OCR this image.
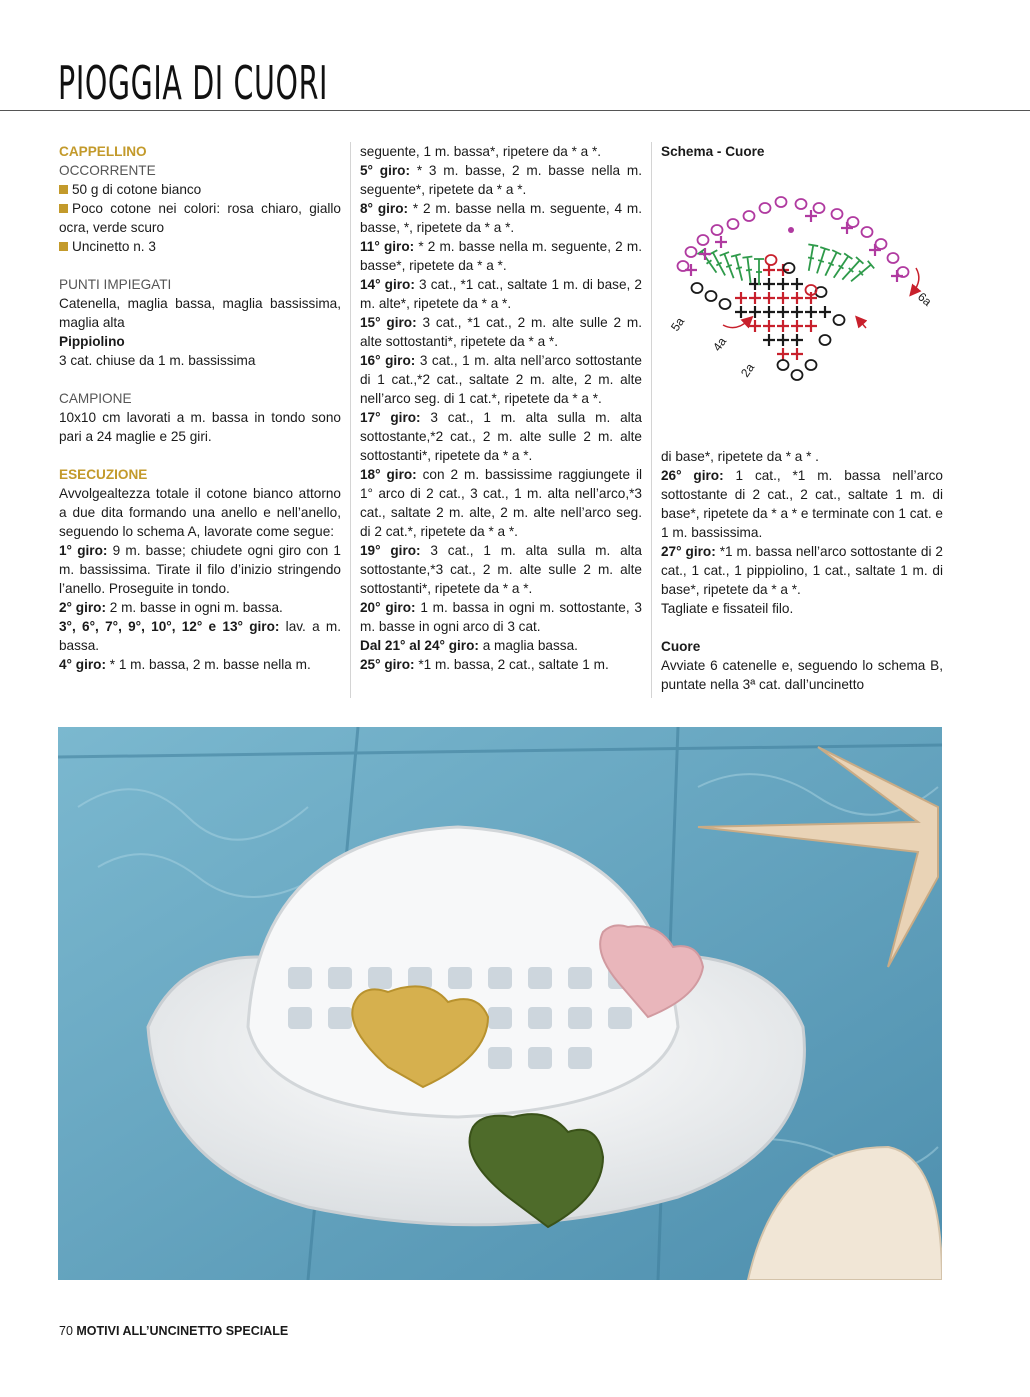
PIOGGIA DI CUORI

CAPPELLINO

OCCORRENTE

50 g di cotone bianco

Poco cotone nei colori: rosa chiaro, giallo ocra, verde scuro

Uncinetto n. 3

PUNTI IMPIEGATI

Catenella, maglia bassa, maglia bassissima, maglia alta

Pippiolino

3 cat. chiuse da 1 m. bassissima

CAMPIONE

10x10 cm lavorati a m. bassa in tondo sono pari a 24 maglie e 25 giri.

ESECUZIONE

Avvolgealtezza totale il cotone bianco attorno a due dita formando una anello e nell’anello, seguendo lo schema A, lavorate come segue:

1° giro: 9 m. basse; chiudete ogni giro con 1 m. bassissima. Tirate il filo d’inizio stringendo l’anello. Proseguite in tondo.

2° giro: 2 m. basse in ogni m. bassa.

3°, 6°, 7°, 9°, 10°, 12° e 13° giro: lav. a m. bassa.

4° giro: * 1 m. bassa, 2 m. basse nella m.

seguente, 1 m. bassa*, ripetere da * a *.

5° giro: * 3 m. basse, 2 m. basse nella m. seguente*, ripetete da * a *.

8° giro: * 2 m. basse nella m. seguente, 4 m. basse, *, ripetete da * a *.

11° giro: * 2 m. basse nella m. seguente, 2 m. basse*, ripetete da * a *.

14° giro: 3 cat., *1 cat., saltate 1 m. di base, 2 m. alte*, ripetete da * a *.

15° giro: 3 cat., *1 cat., 2 m. alte sulle 2 m. alte sottostanti*, ripetete da * a *.

16° giro: 3 cat., 1 m. alta nell’arco sottostante di 1 cat.,*2 cat., saltate 2 m. alte, 2 m. alte nell’arco seg. di 1 cat.*, ripetete da * a *.

17° giro: 3 cat., 1 m. alta sulla m. alta sottostante,*2 cat., 2 m. alte sulle 2 m. alte sottostanti*, ripetete da * a *.

18° giro: con 2 m. bassissime raggiungete il 1° arco di 2 cat., 3 cat., 1 m. alta nell’arco,*3 cat., saltate 2 m. alte, 2 m. alte nell’arco seg. di 2 cat.*, ripetete da * a *.

19° giro: 3 cat., 1 m. alta sulla m. alta sottostante,*3 cat., 2 m. alte sulle 2 m. alte sottostanti*, ripetete da * a *.

20° giro: 1 m. bassa in ogni m. sottostante, 3 m. basse in ogni arco di 3 cat.

Dal 21° al 24° giro: a maglia bassa.

25° giro: *1 m. bassa, 2 cat., saltate 1 m.

Schema - Cuore

5a
4a
2a
6a

di base*, ripetete da * a * .

26° giro: 1 cat., *1 m. bassa nell’arco sottostante di 2 cat., 2 cat., saltate 1 m. di base*, ripetete da * a * e terminate con 1 cat. e 1 m. bassissima.

27° giro: *1 m. bassa nell’arco sottostante di 2 cat., 1 cat., 1 pippiolino, 1 cat., saltate 1 m. di base*, ripetete da * a *.

Tagliate e fissateil filo.

Cuore

Avviate 6 catenelle e, seguendo lo schema B, puntate nella 3ª cat. dall’uncinetto

70 MOTIVI ALL’UNCINETTO SPECIALE
